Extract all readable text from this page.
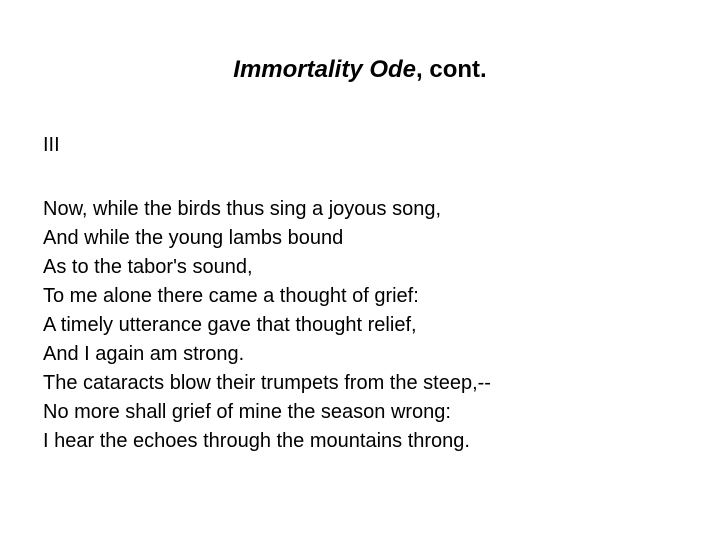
Immortality Ode, cont.

III

Now, while the birds thus sing a joyous song,
And while the young lambs bound
As to the tabor's sound,
To me alone there came a thought of grief:
A timely utterance gave that thought relief,
And I again am strong.
The cataracts blow their trumpets from the steep,--
No more shall grief of mine the season wrong:
I hear the echoes through the mountains throng.
